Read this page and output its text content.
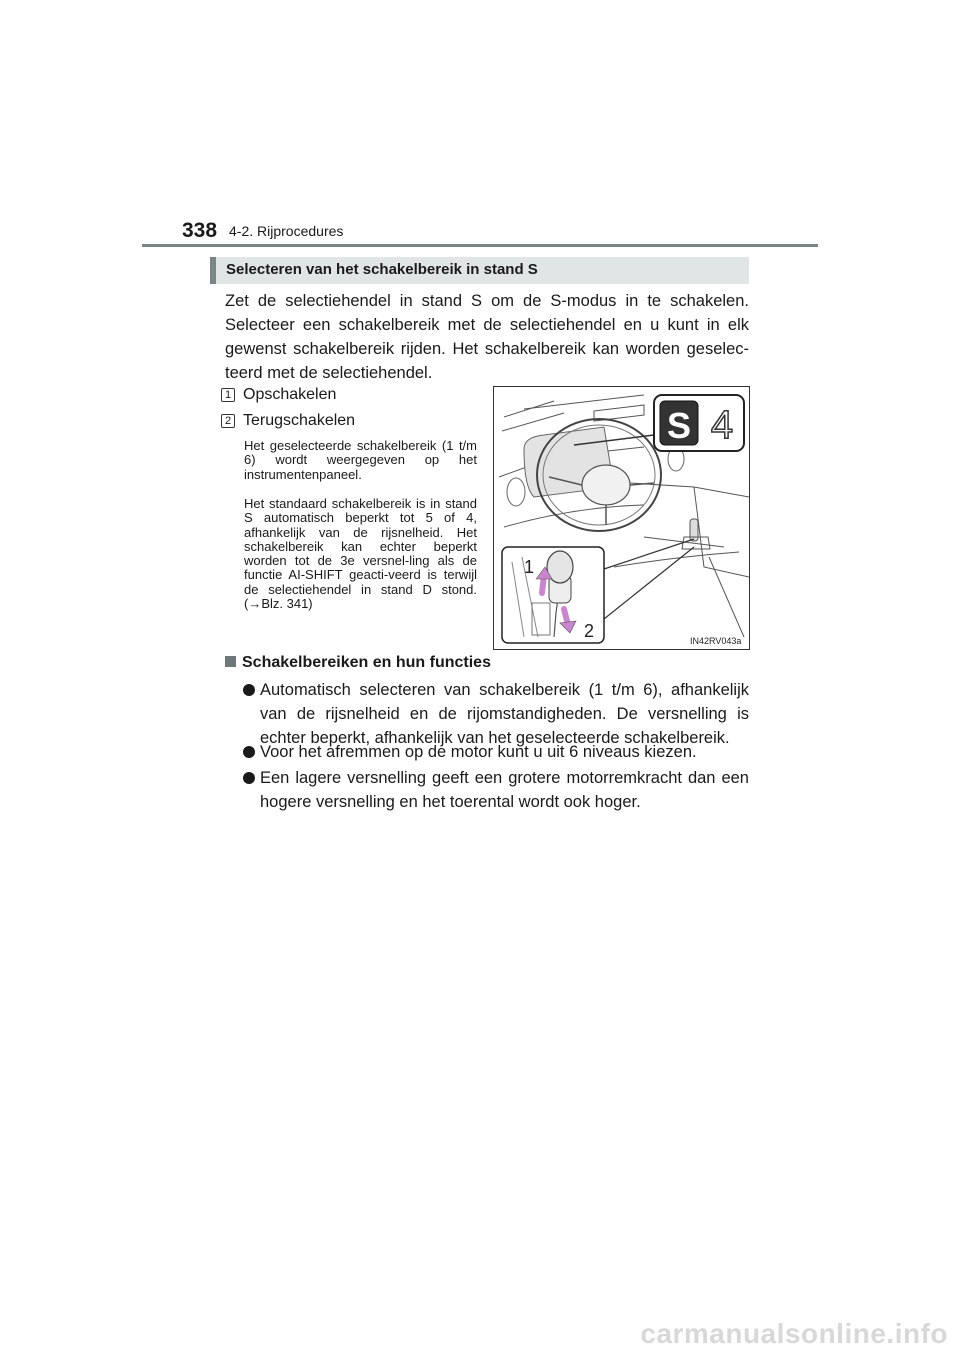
338 4-2. Rijprocedures
Selecteren van het schakelbereik in stand S
Zet de selectiehendel in stand S om de S-modus in te schakelen. Selecteer een schakelbereik met de selectiehendel en u kunt in elk gewenst schakelbereik rijden. Het schakelbereik kan worden geselec-teerd met de selectiehendel.
1 Opschakelen
2 Terugschakelen
Het geselecteerde schakelbereik (1 t/m 6) wordt weergegeven op het instrumentenpaneel.
Het standaard schakelbereik is in stand S automatisch beperkt tot 5 of 4, afhankelijk van de rijsnelheid. Het schakelbereik kan echter beperkt worden tot de 3e versnel-ling als de functie AI-SHIFT geacti-veerd is terwijl de selectiehendel in stand D stond. (→Blz. 341)
S 4
1
2	IN42RV043a
Schakelbereiken en hun functies
Automatisch selecteren van schakelbereik (1 t/m 6), afhankelijk van de rijsnelheid en de rijomstandigheden. De versnelling is echter beperkt, afhankelijk van het geselecteerde schakelbereik.
Voor het afremmen op de motor kunt u uit 6 niveaus kiezen.
Een lagere versnelling geeft een grotere motorremkracht dan een hogere versnelling en het toerental wordt ook hoger.
carmanualsonline.info
